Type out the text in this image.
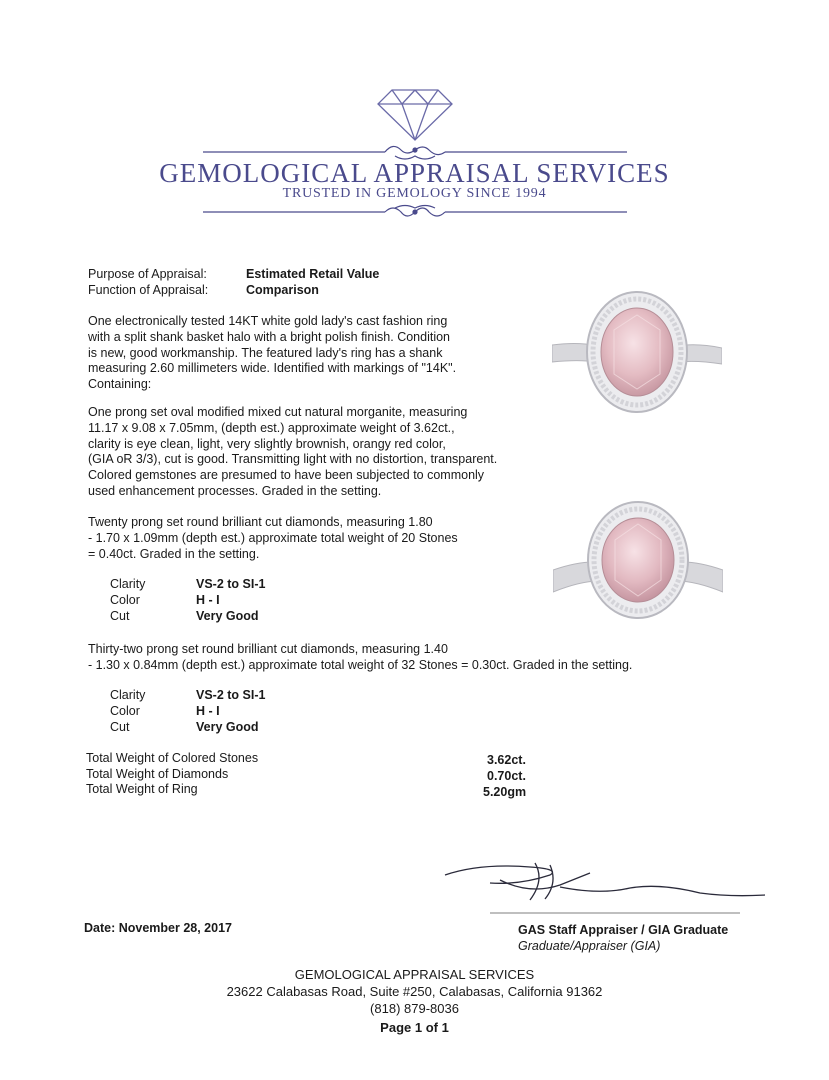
GEMOLOGICAL APPRAISAL SERVICES
TRUSTED IN GEMOLOGY SINCE 1994
Purpose of Appraisal:	Estimated Retail Value
Function of Appraisal:	Comparison
One electronically tested 14KT white gold lady's cast fashion ring
with a split shank basket halo with a bright polish finish. Condition
is new, good workmanship. The featured lady's ring has a shank
measuring 2.60 millimeters wide. Identified with markings of "14K".
Containing:
One prong set oval modified mixed cut natural morganite, measuring
11.17 x 9.08 x 7.05mm, (depth est.) approximate weight of 3.62ct.,
clarity is eye clean, light, very slightly brownish, orangy red color,
(GIA oR 3/3), cut is good. Transmitting light with no distortion, transparent.
Colored gemstones are presumed to have been subjected to commonly
used enhancement processes. Graded in the setting.
Twenty prong set round brilliant cut diamonds, measuring 1.80
- 1.70 x 1.09mm (depth est.) approximate total weight of 20 Stones
= 0.40ct. Graded in the setting.
Clarity	VS-2 to SI-1
Color	H - I
Cut	Very Good
Thirty-two prong set round brilliant cut diamonds, measuring 1.40
- 1.30 x 0.84mm (depth est.) approximate total weight of 32 Stones = 0.30ct. Graded in the setting.
Clarity	VS-2 to SI-1
Color	H - I
Cut	Very Good
Total Weight of Colored Stones	3.62ct.
Total Weight of Diamonds	0.70ct.
Total Weight of Ring	5.20gm
Date: November 28, 2017	GAS Staff Appraiser / GIA Graduate
Graduate/Appraiser (GIA)
GEMOLOGICAL APPRAISAL SERVICES
23622 Calabasas Road, Suite #250, Calabasas, California 91362
(818) 879-8036
Page 1 of 1
